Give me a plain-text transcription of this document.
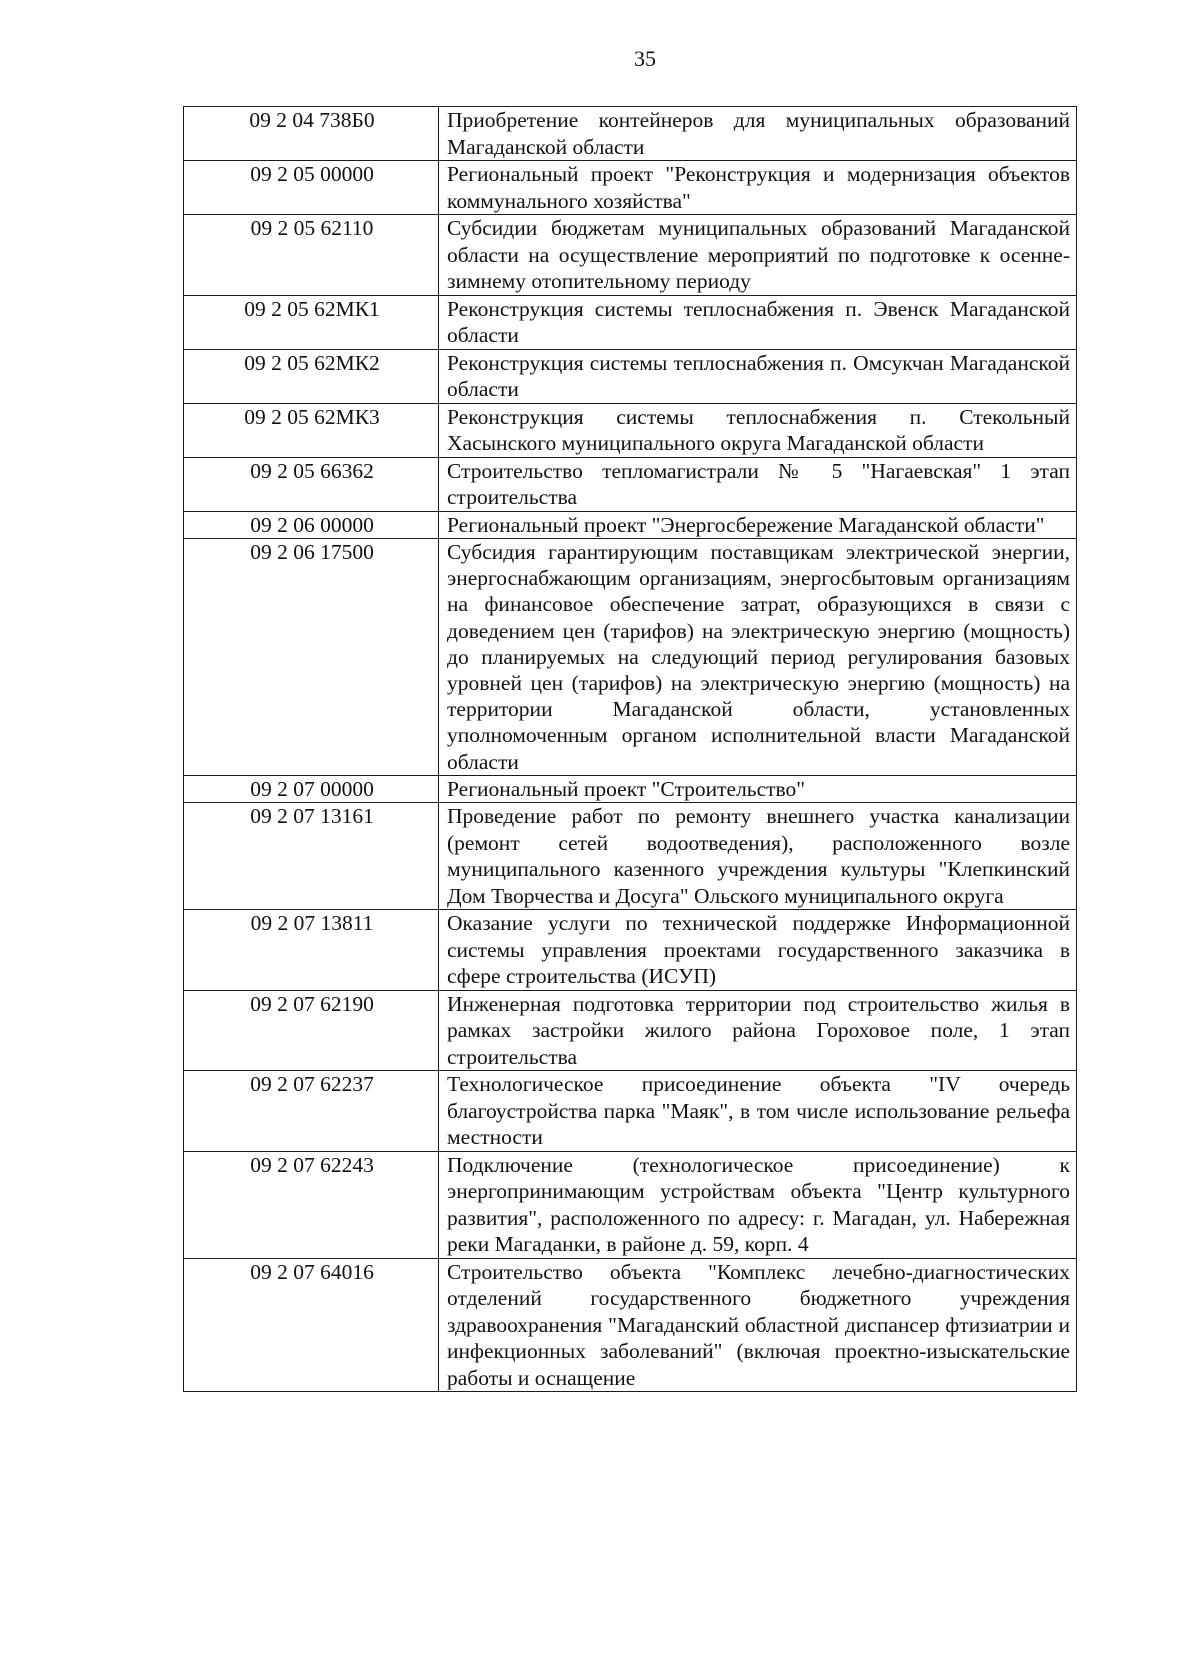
35
09 2 04 738Б0	Приобретение контейнеров для муниципальных образований Магаданской области
09 2 05 00000	Региональный проект "Реконструкция и модернизация объектов коммунального хозяйства"
09 2 05 62110	Субсидии бюджетам муниципальных образований Магаданской области на осуществление мероприятий по подготовке к осенне-зимнему отопительному периоду
09 2 05 62МК1	Реконструкция системы теплоснабжения п. Эвенск Магаданской области
09 2 05 62МК2	Реконструкция системы теплоснабжения п. Омсукчан Магаданской области
09 2 05 62МК3	Реконструкция системы теплоснабжения п. Стекольный Хасынского муниципального округа Магаданской области
09 2 05 66362	Строительство тепломагистрали № 5 "Нагаевская" 1 этап строительства
09 2 06 00000	Региональный проект "Энергосбережение Магаданской области"
09 2 06 17500	Субсидия гарантирующим поставщикам электрической энергии, энергоснабжающим организациям, энергосбытовым организациям на финансовое обеспечение затрат, образующихся в связи с доведением цен (тарифов) на электрическую энергию (мощность) до планируемых на следующий период регулирования базовых уровней цен (тарифов) на электрическую энергию (мощность) на территории Магаданской области, установленных уполномоченным органом исполнительной власти Магаданской области
09 2 07 00000	Региональный проект "Строительство"
09 2 07 13161	Проведение работ по ремонту внешнего участка канализации (ремонт сетей водоотведения), расположенного возле муниципального казенного учреждения культуры "Клепкинский Дом Творчества и Досуга" Ольского муниципального округа
09 2 07 13811	Оказание услуги по технической поддержке Информационной системы управления проектами государственного заказчика в сфере строительства (ИСУП)
09 2 07 62190	Инженерная подготовка территории под строительство жилья в рамках застройки жилого района Гороховое поле, 1 этап строительства
09 2 07 62237	Технологическое присоединение объекта "IV очередь благоустройства парка "Маяк", в том числе использование рельефа местности
09 2 07 62243	Подключение (технологическое присоединение) к энергопринимающим устройствам объекта "Центр культурного развития", расположенного по адресу: г. Магадан, ул. Набережная реки Магаданки, в районе д. 59, корп. 4
09 2 07 64016	Строительство объекта "Комплекс лечебно-диагностических отделений государственного бюджетного учреждения здравоохранения "Магаданский областной диспансер фтизиатрии и инфекционных заболеваний" (включая проектно-изыскательские работы и оснащение
